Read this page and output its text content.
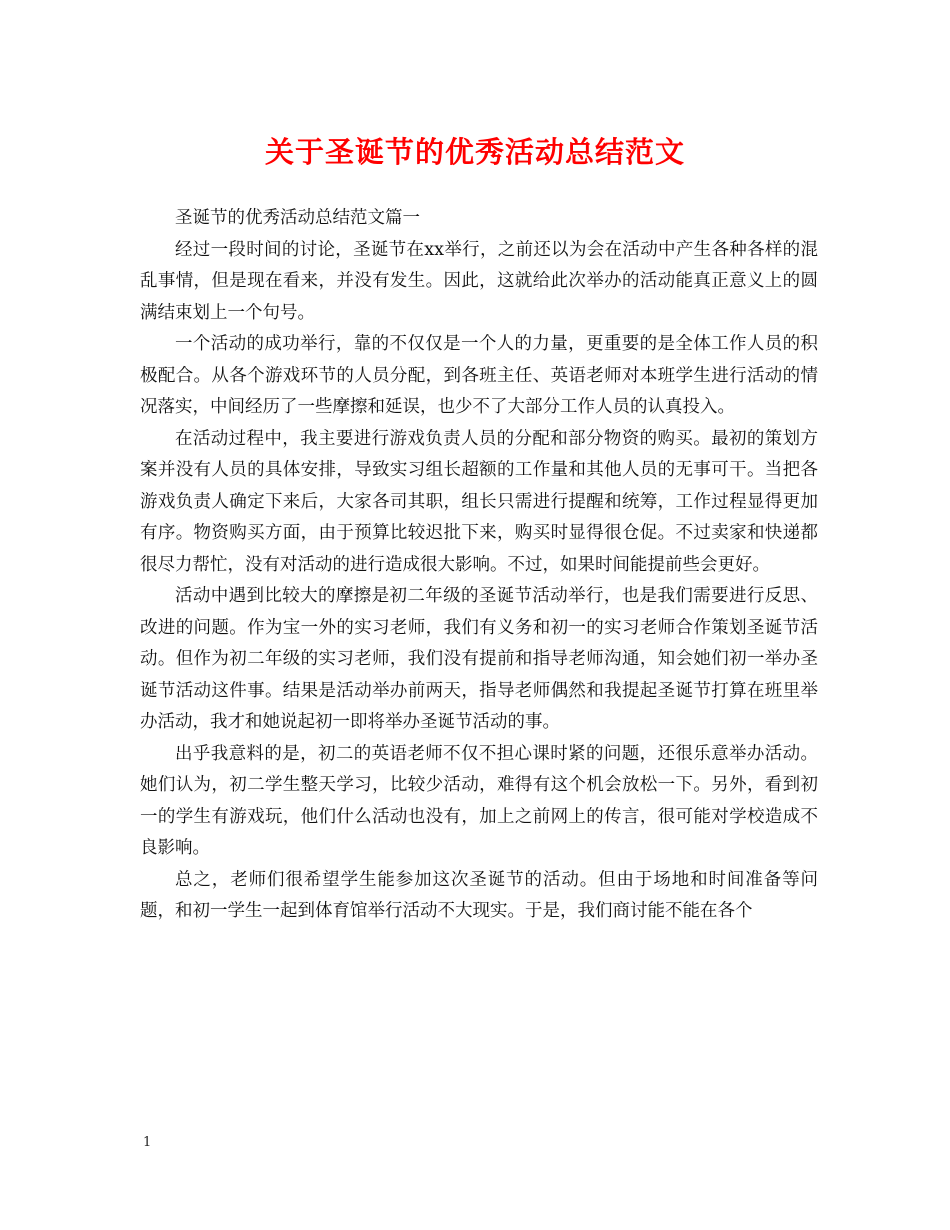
关于圣诞节的优秀活动总结范文

圣诞节的优秀活动总结范文篇一

经过一段时间的讨论，圣诞节在xx举行，之前还以为会在活动中产生各种各样的混乱事情，但是现在看来，并没有发生。因此，这就给此次举办的活动能真正意义上的圆满结束划上一个句号。

一个活动的成功举行，靠的不仅仅是一个人的力量，更重要的是全体工作人员的积极配合。从各个游戏环节的人员分配，到各班主任、英语老师对本班学生进行活动的情况落实，中间经历了一些摩擦和延误，也少不了大部分工作人员的认真投入。

在活动过程中，我主要进行游戏负责人员的分配和部分物资的购买。最初的策划方案并没有人员的具体安排，导致实习组长超额的工作量和其他人员的无事可干。当把各游戏负责人确定下来后，大家各司其职，组长只需进行提醒和统筹，工作过程显得更加有序。物资购买方面，由于预算比较迟批下来，购买时显得很仓促。不过卖家和快递都很尽力帮忙，没有对活动的进行造成很大影响。不过，如果时间能提前些会更好。

活动中遇到比较大的摩擦是初二年级的圣诞节活动举行，也是我们需要进行反思、改进的问题。作为宝一外的实习老师，我们有义务和初一的实习老师合作策划圣诞节活动。但作为初二年级的实习老师，我们没有提前和指导老师沟通，知会她们初一举办圣诞节活动这件事。结果是活动举办前两天，指导老师偶然和我提起圣诞节打算在班里举办活动，我才和她说起初一即将举办圣诞节活动的事。

出乎我意料的是，初二的英语老师不仅不担心课时紧的问题，还很乐意举办活动。她们认为，初二学生整天学习，比较少活动，难得有这个机会放松一下。另外，看到初一的学生有游戏玩，他们什么活动也没有，加上之前网上的传言，很可能对学校造成不良影响。

总之，老师们很希望学生能参加这次圣诞节的活动。但由于场地和时间准备等问题，和初一学生一起到体育馆举行活动不大现实。于是，我们商讨能不能在各个

1
